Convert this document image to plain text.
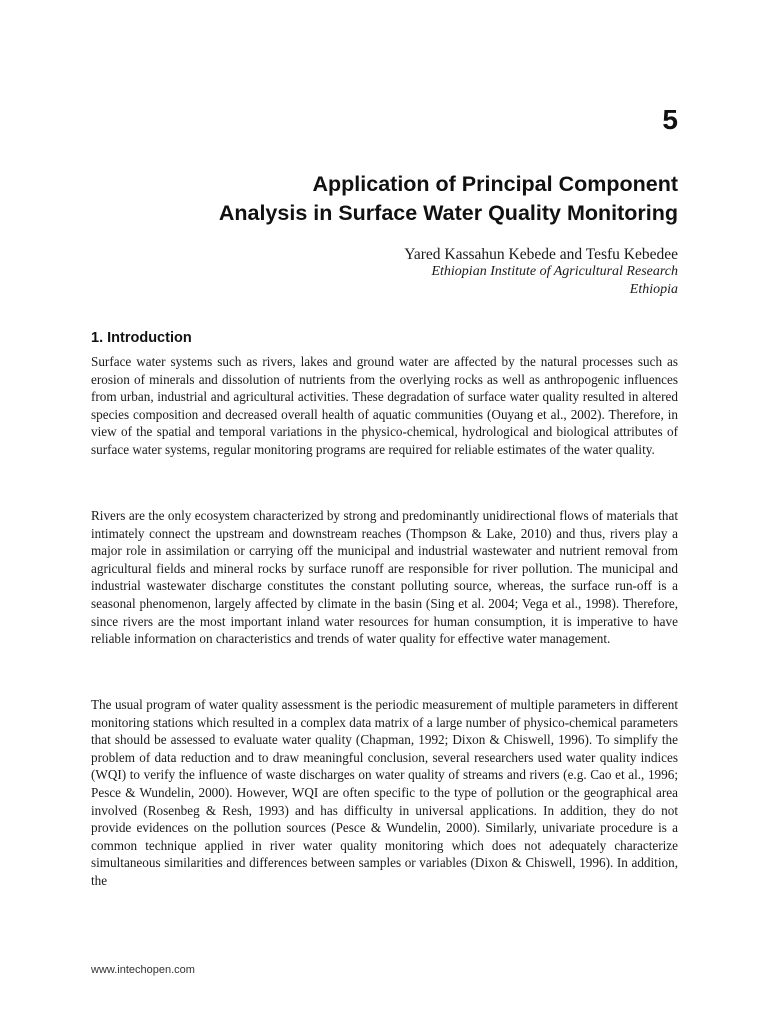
5
Application of Principal Component
Analysis in Surface Water Quality Monitoring
Yared Kassahun Kebede and Tesfu Kebedee
Ethiopian Institute of Agricultural Research
Ethiopia
1. Introduction

Surface water systems such as rivers, lakes and ground water are affected by the natural processes such as erosion of minerals and dissolution of nutrients from the overlying rocks as well as anthropogenic influences from urban, industrial and agricultural activities. These degradation of surface water quality resulted in altered species composition and decreased overall health of aquatic communities (Ouyang et al., 2002). Therefore, in view of the spatial and temporal variations in the physico-chemical, hydrological and biological attributes of surface water systems, regular monitoring programs are required for reliable estimates of the water quality.

Rivers are the only ecosystem characterized by strong and predominantly unidirectional flows of materials that intimately connect the upstream and downstream reaches (Thompson & Lake, 2010) and thus, rivers play a major role in assimilation or carrying off the municipal and industrial wastewater and nutrient removal from agricultural fields and mineral rocks by surface runoff are responsible for river pollution. The municipal and industrial wastewater discharge constitutes the constant polluting source, whereas, the surface run-off is a seasonal phenomenon, largely affected by climate in the basin (Sing et al. 2004; Vega et al., 1998). Therefore, since rivers are the most important inland water resources for human consumption, it is imperative to have reliable information on characteristics and trends of water quality for effective water management.

The usual program of water quality assessment is the periodic measurement of multiple parameters in different monitoring stations which resulted in a complex data matrix of a large number of physico-chemical parameters that should be assessed to evaluate water quality (Chapman, 1992; Dixon & Chiswell, 1996). To simplify the problem of data reduction and to draw meaningful conclusion, several researchers used water quality indices (WQI) to verify the influence of waste discharges on water quality of streams and rivers (e.g. Cao et al., 1996; Pesce & Wundelin, 2000). However, WQI are often specific to the type of pollution or the geographical area involved (Rosenbeg & Resh, 1993) and has difficulty in universal applications. In addition, they do not provide evidences on the pollution sources (Pesce & Wundelin, 2000). Similarly, univariate procedure is a common technique applied in river water quality monitoring which does not adequately characterize simultaneous similarities and differences between samples or variables (Dixon & Chiswell, 1996). In addition, the

www.intechopen.com
